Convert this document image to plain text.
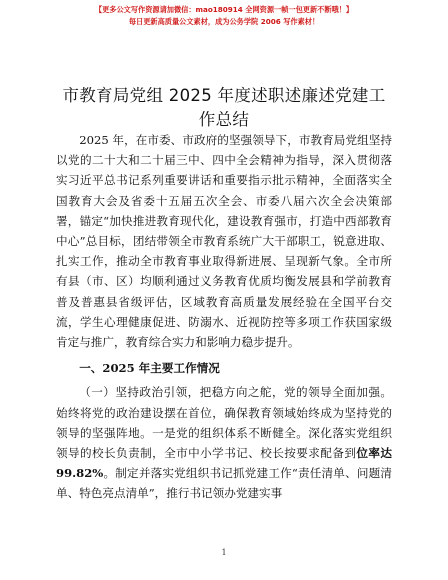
【更多公文写作资源请加微信：mao180914 全网资源一帧一包更新不断哦！】
每日更新高质量公文素材，成为公务学院 2006 写作素材！
市教育局党组 2025 年度述职述廉述党建工作总结

2025 年，在市委、市政府的坚强领导下，市教育局党组坚持以党的二十大和二十届三中、四中全会精神为指导，深入贯彻落实习近平总书记系列重要讲话和重要指示批示精神，全面落实全国教育大会及省委十五届五次全会、市委八届六次全会决策部署，锚定“加快推进教育现代化，建设教育强市，打造中西部教育中心”总目标，团结带领全市教育系统广大干部职工，锐意进取、扎实工作，推动全市教育事业取得新进展、呈现新气象。全市所有县（市、区）均顺利通过义务教育优质均衡发展县和学前教育普及普惠县省级评估，区域教育高质量发展经验在全国平台交流，学生心理健康促进、防溺水、近视防控等多项工作获国家级肯定与推广，教育综合实力和影响力稳步提升。

一、2025 年主要工作情况

（一）坚持政治引领，把稳方向之舵，党的领导全面加强。始终将党的政治建设摆在首位，确保教育领域始终成为坚持党的领导的坚强阵地。一是党的组织体系不断健全。深化落实党组织领导的校长负责制，全市中小学书记、校长按要求配备到位率达 99.82%。制定并落实党组织书记抓党建工作“责任清单、问题清单、特色亮点清单”，推行书记领办党建实事

1
